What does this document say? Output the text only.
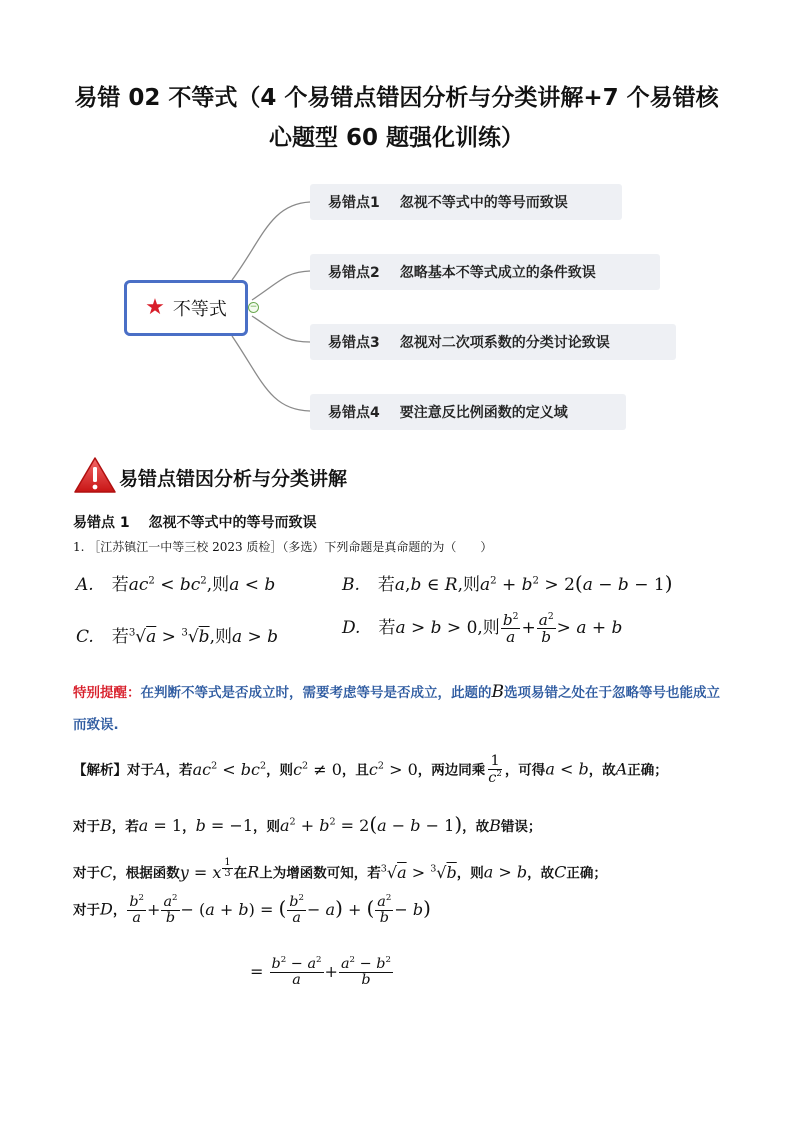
易错 02 不等式（4 个易错点错因分析与分类讲解+7 个易错核
心题型 60 题强化训练）
★ 不等式	−
易错点1 忽视不等式中的等号而致误
易错点2 忽略基本不等式成立的条件致误
易错点3 忽视对二次项系数的分类讨论致误
易错点4 要注意反比例函数的定义域
易错点错因分析与分类讲解
易错点 1 忽视不等式中的等号而致误
1. ［江苏镇江一中等三校 2023 质检］（多选）下列命题是真命题的为（　　）
A. 若$ac^2 < bc^2$,则a < b	B. 若a,b ∈ R,则$a^2 + b^2 > 2(a - b - 1)$
C. 若$^3$√a > $^3$√b,则a > b	D. 若a > b > 0,则 $\frac{b^2}{a} + \frac{a^2}{b} > a + b$
特别提醒：在判断不等式是否成立时，需要考虑等号是否成立，此题的B选项易错之处在于忽略等号也能成立而致误.
【解析】对于A，若$ac^2 < bc^2$，则$c^2 \ne 0$，且$c^2 > 0$，两边同乘 $\frac{1}{c^2}$ ，可得a < b，故A正确；
对于B，若a = 1，b = −1，则$a^2 + b^2 = 2(a - b - 1)$，故B错误；
对于C，根据函数y = x $^{\frac{1}{3}}$ 在R上为增函数可知，若$^3$√a > $^3$√b，则a > b，故C正确；
对于D， $\frac{b^2}{a} + \frac{a^2}{b} - (a + b)$ = ( $\frac{b^2}{a} - a$) + ( $\frac{a^2}{b} - b$)
= $\frac{b^2 - a^2}{a} + \frac{a^2 - b^2}{b}$
